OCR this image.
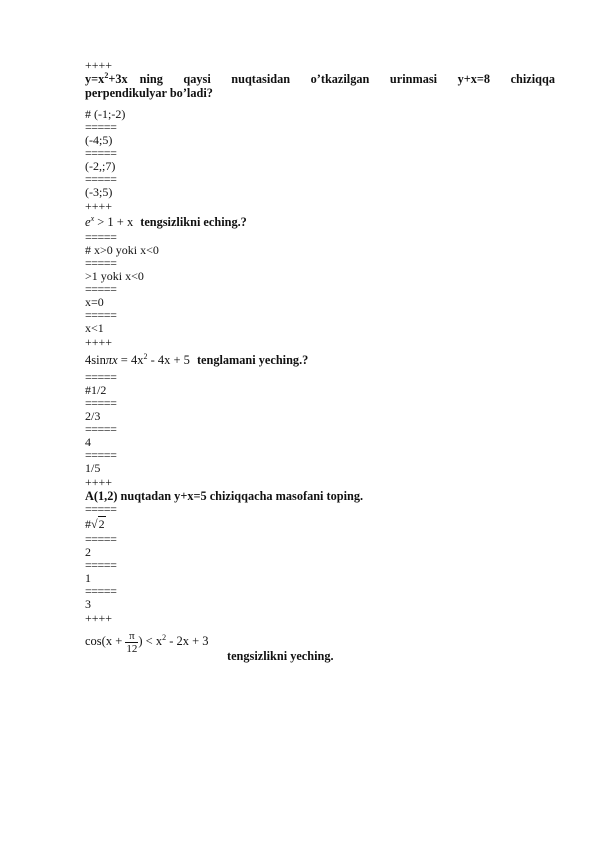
++++
$y=x^2+3x$ ning qaysi nuqtasidan o’tkazilgan urinmasi y+x=8 chiziqqa
perpendikulyar bo’ladi?
# (-1;-2)
=====
(-4;5)
=====
(-2,;7)
=====
(-3;5)
++++
$e^x > 1 + x$ tengsizlikni eching.?
=====
# x>0 yoki x<0
=====
>1 yoki x<0
=====
x=0
=====
x<1
++++
$4\sin\pi x = 4x^2 - 4x + 5$ tenglamani yeching.?
=====
#1/2
=====
2/3
=====
4
=====
1/5
++++
A(1,2) nuqtadan y+x=5 chiziqqacha masofani toping.
=====
#√2
=====
2
=====
1
=====
3
++++
$\cos(x + \frac{\pi}{12}$ ) < $x^2 - 2x + 3$
tengsizlikni yeching.
